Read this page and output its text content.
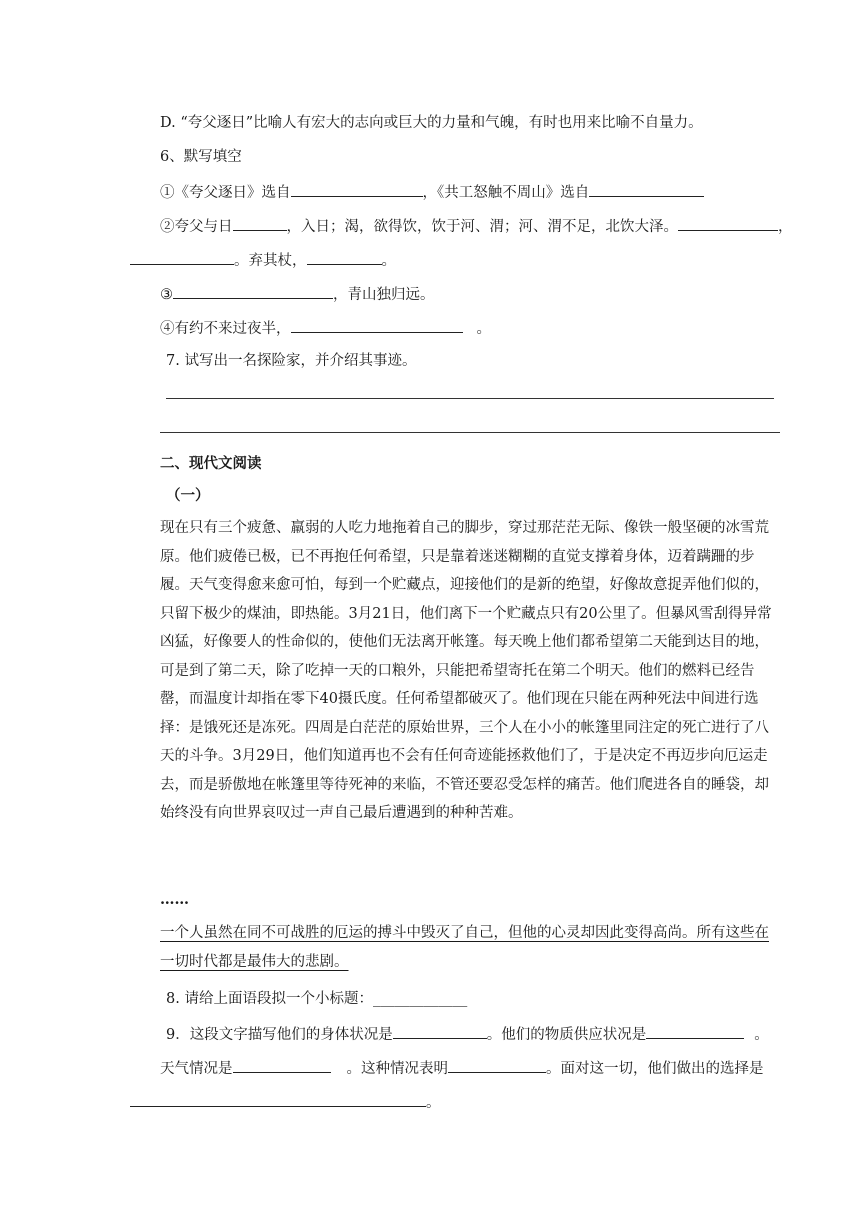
D. “夸父逐日”比喻人有宏大的志向或巨大的力量和气魄，有时也用来比喻不自量力。
6、默写填空
①《夸父逐日》选自	，《共工怒触不周山》选自
②夸父与日	，入日；渴，欲得饮，饮于河、渭；河、渭不足，北饮大泽。	，
。弃其杖，	。
③	，青山独归远。
④有约不来过夜半，	。
7. 试写出一名探险家，并介绍其事迹。
二、现代文阅读
（一）

现在只有三个疲惫、羸弱的人吃力地拖着自己的脚步，穿过那茫茫无际、像铁一般坚硬的冰雪荒原。他们疲倦已极，已不再抱任何希望，只是靠着迷迷糊糊的直觉支撑着身体，迈着蹒跚的步履。天气变得愈来愈可怕，每到一个贮藏点，迎接他们的是新的绝望，好像故意捉弄他们似的，只留下极少的煤油，即热能。3月21日，他们离下一个贮藏点只有20公里了。但暴风雪刮得异常凶猛，好像要人的性命似的，使他们无法离开帐篷。每天晚上他们都希望第二天能到达目的地，可是到了第二天，除了吃掉一天的口粮外，只能把希望寄托在第二个明天。他们的燃料已经告罄，而温度计却指在零下40摄氏度。任何希望都破灭了。他们现在只能在两种死法中间进行选择：是饿死还是冻死。四周是白茫茫的原始世界，三个人在小小的帐篷里同注定的死亡进行了八天的斗争。3月29日，他们知道再也不会有任何奇迹能拯救他们了，于是决定不再迈步向厄运走去，而是骄傲地在帐篷里等待死神的来临，不管还要忍受怎样的痛苦。他们爬进各自的睡袋，却始终没有向世界哀叹过一声自己最后遭遇到的种种苦难。

……

一个人虽然在同不可战胜的厄运的搏斗中毁灭了自己，但他的心灵却因此变得高尚。所有这些在一切时代都是最伟大的悲剧。

8. 请给上面语段拟一个小标题：_____________
9．这段文字描写他们的身体状况是	。他们的物质供应状况是	。
天气情况是	。这种情况表明	。面对这一切，他们做出的选择是
。
